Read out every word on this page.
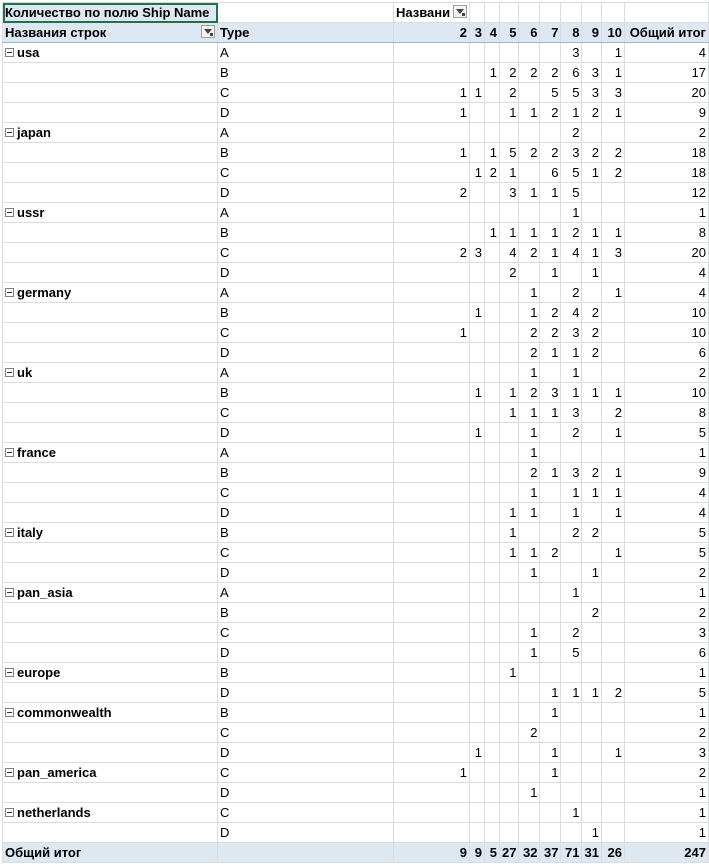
Количество по полю Ship Name		Названи

Названия строк	Type	2	3	4	5	6	7	8	9	10	Общий итог
usa	A							3		1	4
	B			1	2	2	2	6	3	1	17
	C	1	1		2		5	5	3	3	20
	D	1			1	1	2	1	2	1	9
japan	A							2			2
	B	1		1	5	2	2	3	2	2	18
	C		1	2	1		6	5	1	2	18
	D	2			3	1	1	5			12
ussr	A							1			1
	B			1	1	1	1	2	1	1	8
	C	2	3		4	2	1	4	1	3	20
	D				2		1		1		4
germany	A					1		2		1	4
	B		1			1	2	4	2		10
	C	1				2	2	3	2		10
	D					2	1	1	2		6
uk	A					1		1			2
	B		1		1	2	3	1	1	1	10
	C				1	1	1	3		2	8
	D		1			1		2		1	5
france	A					1					1
	B					2	1	3	2	1	9
	C					1		1	1	1	4
	D				1	1		1		1	4
italy	B				1			2	2		5
	C				1	1	2			1	5
	D					1			1		2
pan_asia	A							1			1
	B								2		2
	C					1		2			3
	D					1		5			6
europe	B				1						1
	D						1	1	1	2	5
commonwealth	B						1				1
	C					2					2
	D		1				1			1	3
pan_america	C	1					1				2
	D					1					1
netherlands	C							1			1
	D								1		1
Общий итог		9	9	5	27	32	37	71	31	26	247
